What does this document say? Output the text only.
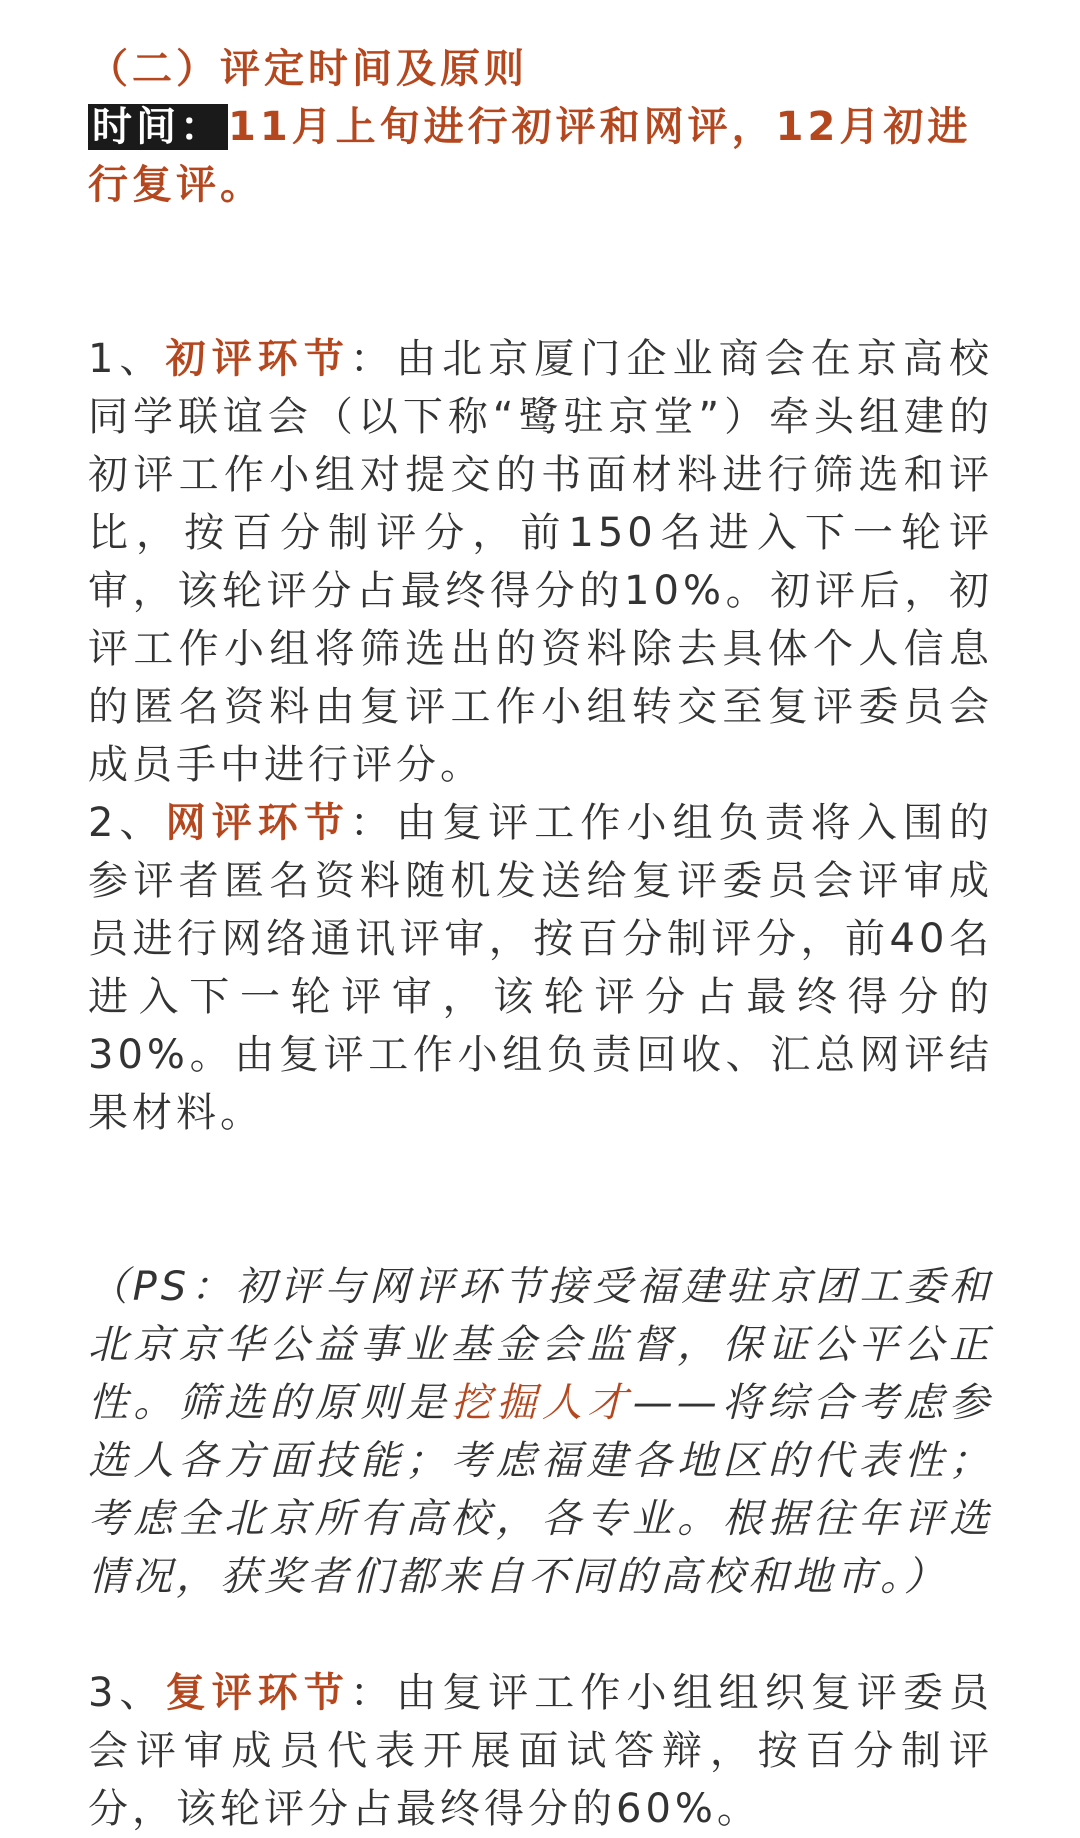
（二）评定时间及原则

时间： 11月上旬进行初评和网评，12月初进行复评。

1、初评环节：由北京厦门企业商会在京高校同学联谊会（以下称“鹭驻京堂”）牵头组建的初评工作小组对提交的书面材料进行筛选和评比，按百分制评分，前150名进入下一轮评审，该轮评分占最终得分的10%。初评后，初评工作小组将筛选出的资料除去具体个人信息的匿名资料由复评工作小组转交至复评委员会成员手中进行评分。

2、网评环节：由复评工作小组负责将入围的参评者匿名资料随机发送给复评委员会评审成员进行网络通讯评审，按百分制评分，前40名进入下一轮评审，该轮评分占最终得分的30%。由复评工作小组负责回收、汇总网评结果材料。

（PS：初评与网评环节接受福建驻京团工委和北京京华公益事业基金会监督，保证公平公正性。筛选的原则是挖掘人才——将综合考虑参选人各方面技能；考虑福建各地区的代表性；考虑全北京所有高校，各专业。根据往年评选情况，获奖者们都来自不同的高校和地市。）

3、复评环节：由复评工作小组组织复评委员会评审成员代表开展面试答辩，按百分制评分，该轮评分占最终得分的60%。
